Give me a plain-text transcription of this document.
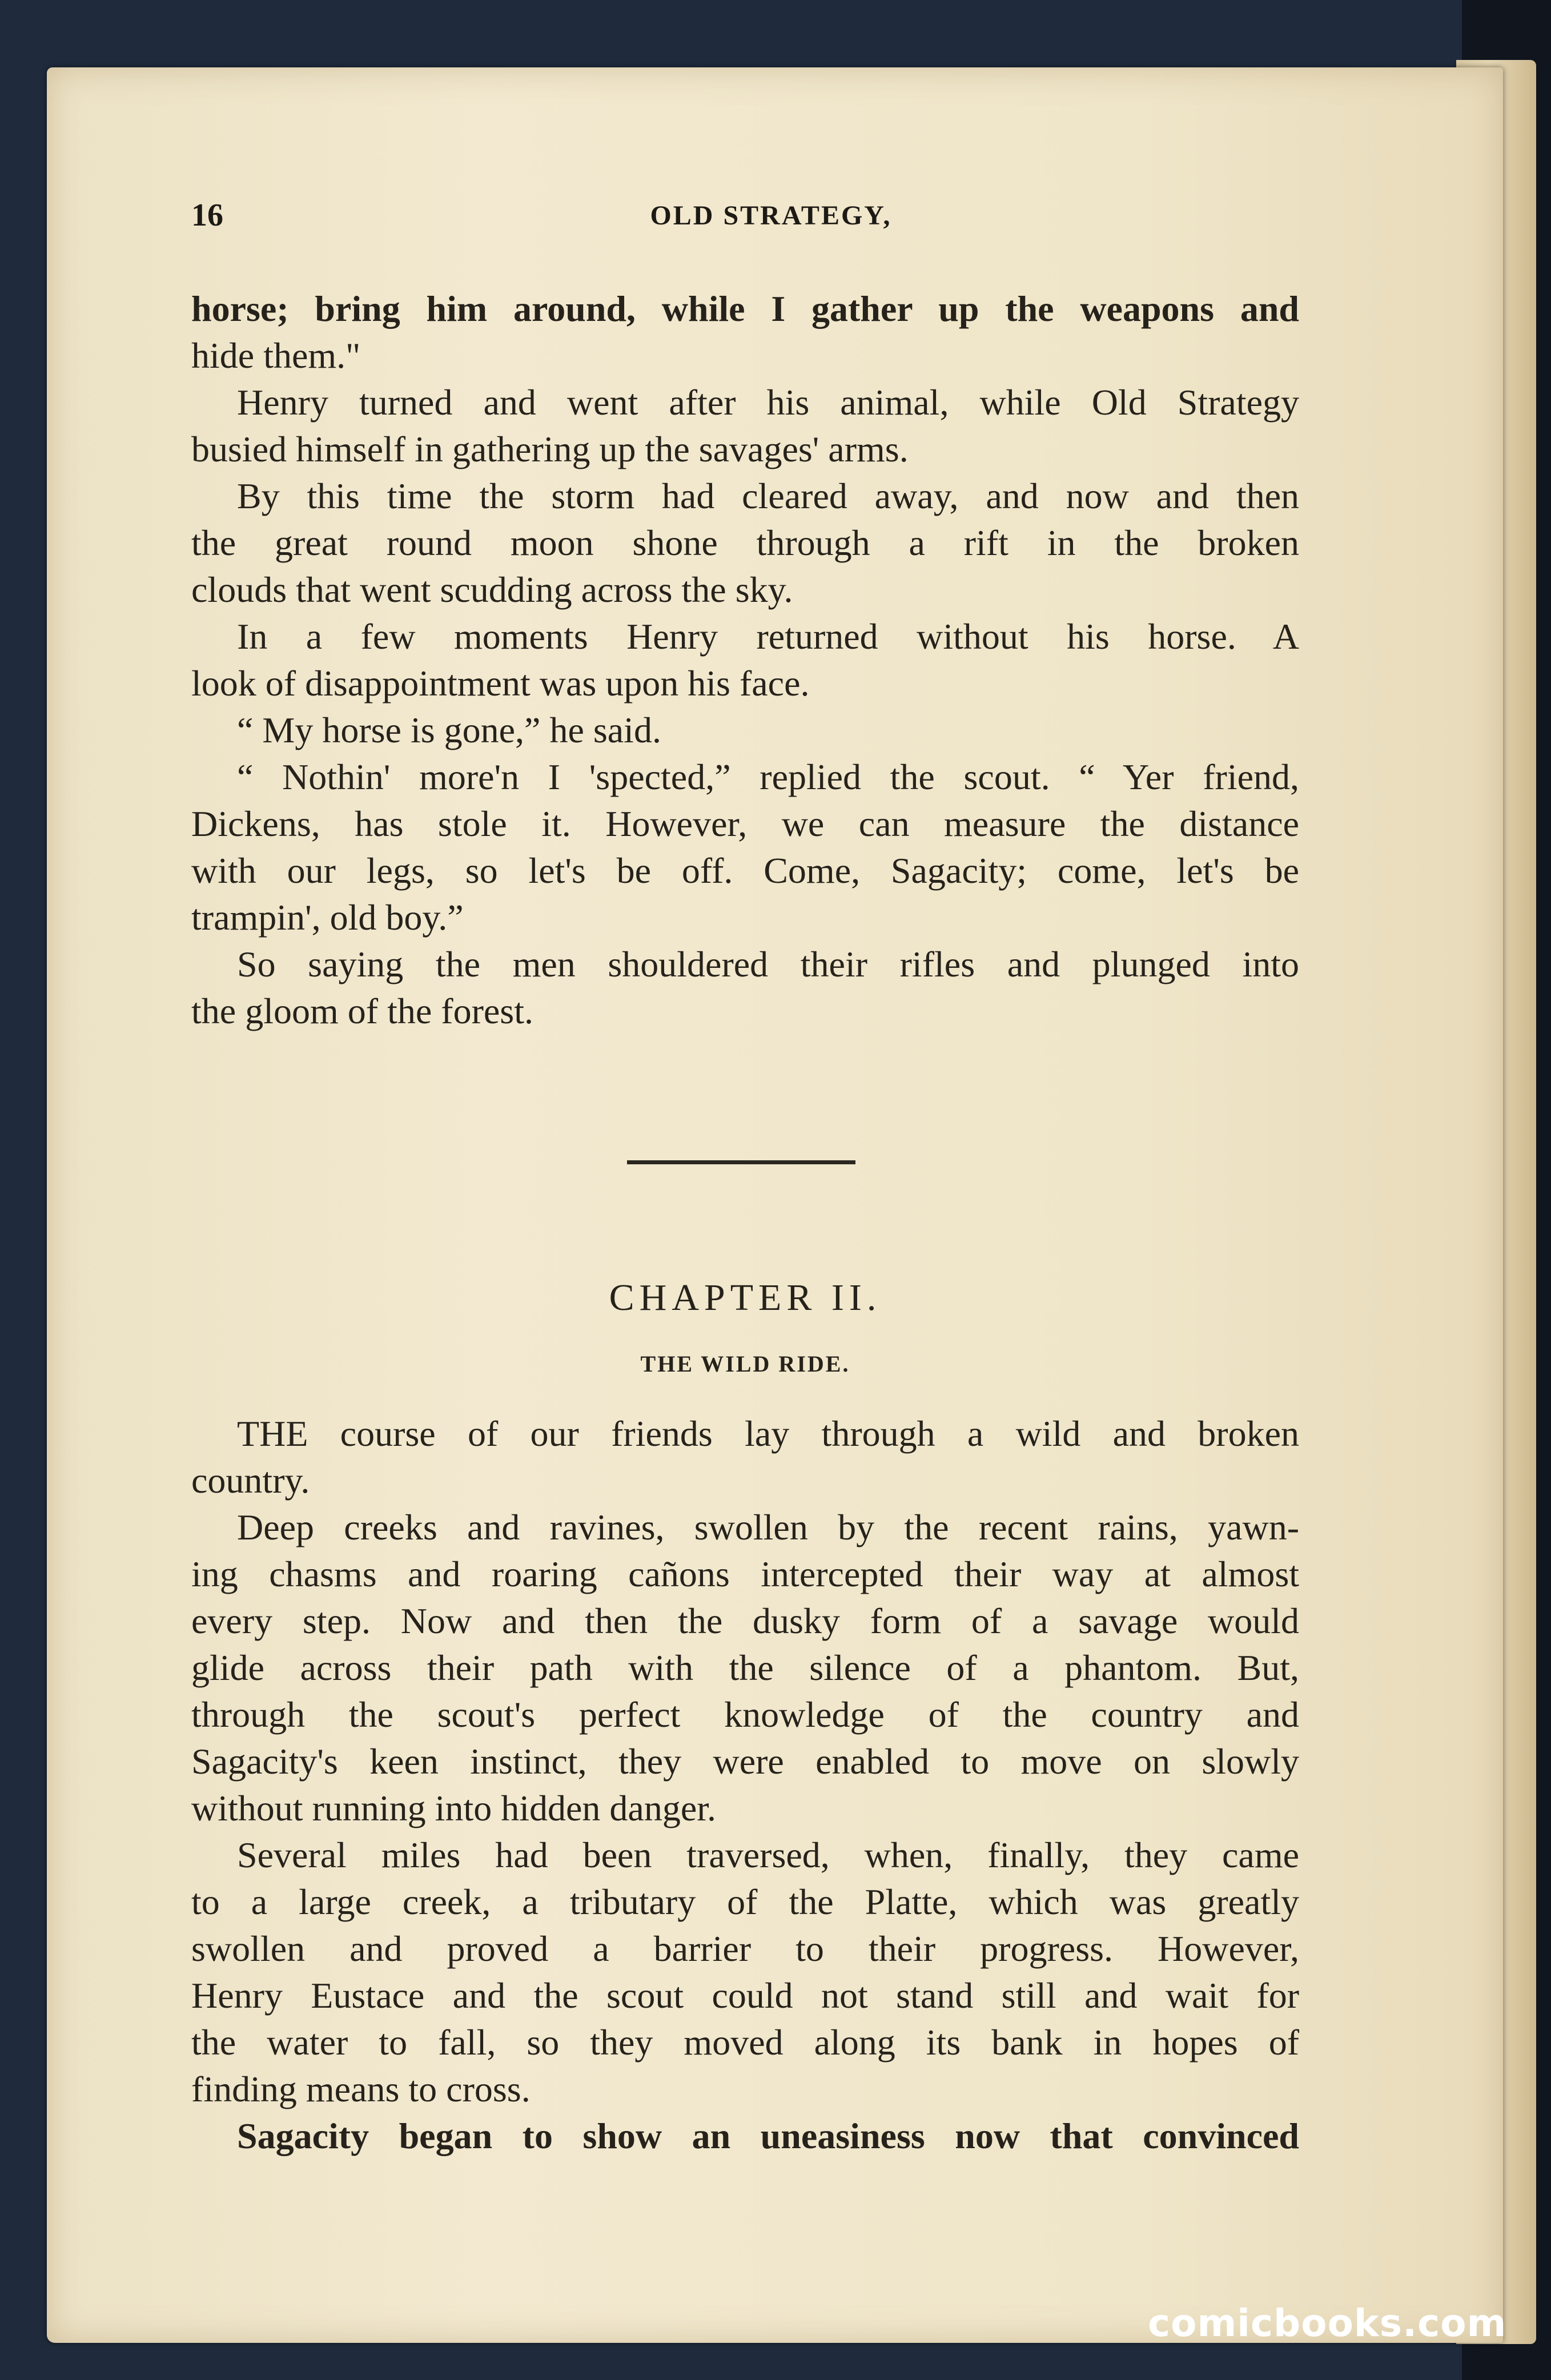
16	OLD STRATEGY,
horse; bring him around, while I gather up the weapons and
hide them."
Henry turned and went after his animal, while Old Strategy
busied himself in gathering up the savages' arms.
By this time the storm had cleared away, and now and then
the great round moon shone through a rift in the broken
clouds that went scudding across the sky.
In a few moments Henry returned without his horse. A
look of disappointment was upon his face.
“ My horse is gone,” he said.
“ Nothin' more'n I 'spected,” replied the scout. “ Yer friend,
Dickens, has stole it. However, we can measure the distance
with our legs, so let's be off. Come, Sagacity; come, let's be
trampin', old boy.”
So saying the men shouldered their rifles and plunged into
the gloom of the forest.
CHAPTER II.
THE WILD RIDE.
THE course of our friends lay through a wild and broken
country.
Deep creeks and ravines, swollen by the recent rains, yawn-
ing chasms and roaring cañons intercepted their way at almost
every step. Now and then the dusky form of a savage would
glide across their path with the silence of a phantom. But,
through the scout's perfect knowledge of the country and
Sagacity's keen instinct, they were enabled to move on slowly
without running into hidden danger.
Several miles had been traversed, when, finally, they came
to a large creek, a tributary of the Platte, which was greatly
swollen and proved a barrier to their progress. However,
Henry Eustace and the scout could not stand still and wait for
the water to fall, so they moved along its bank in hopes of
finding means to cross.
Sagacity began to show an uneasiness now that convinced
comicbooks.com
